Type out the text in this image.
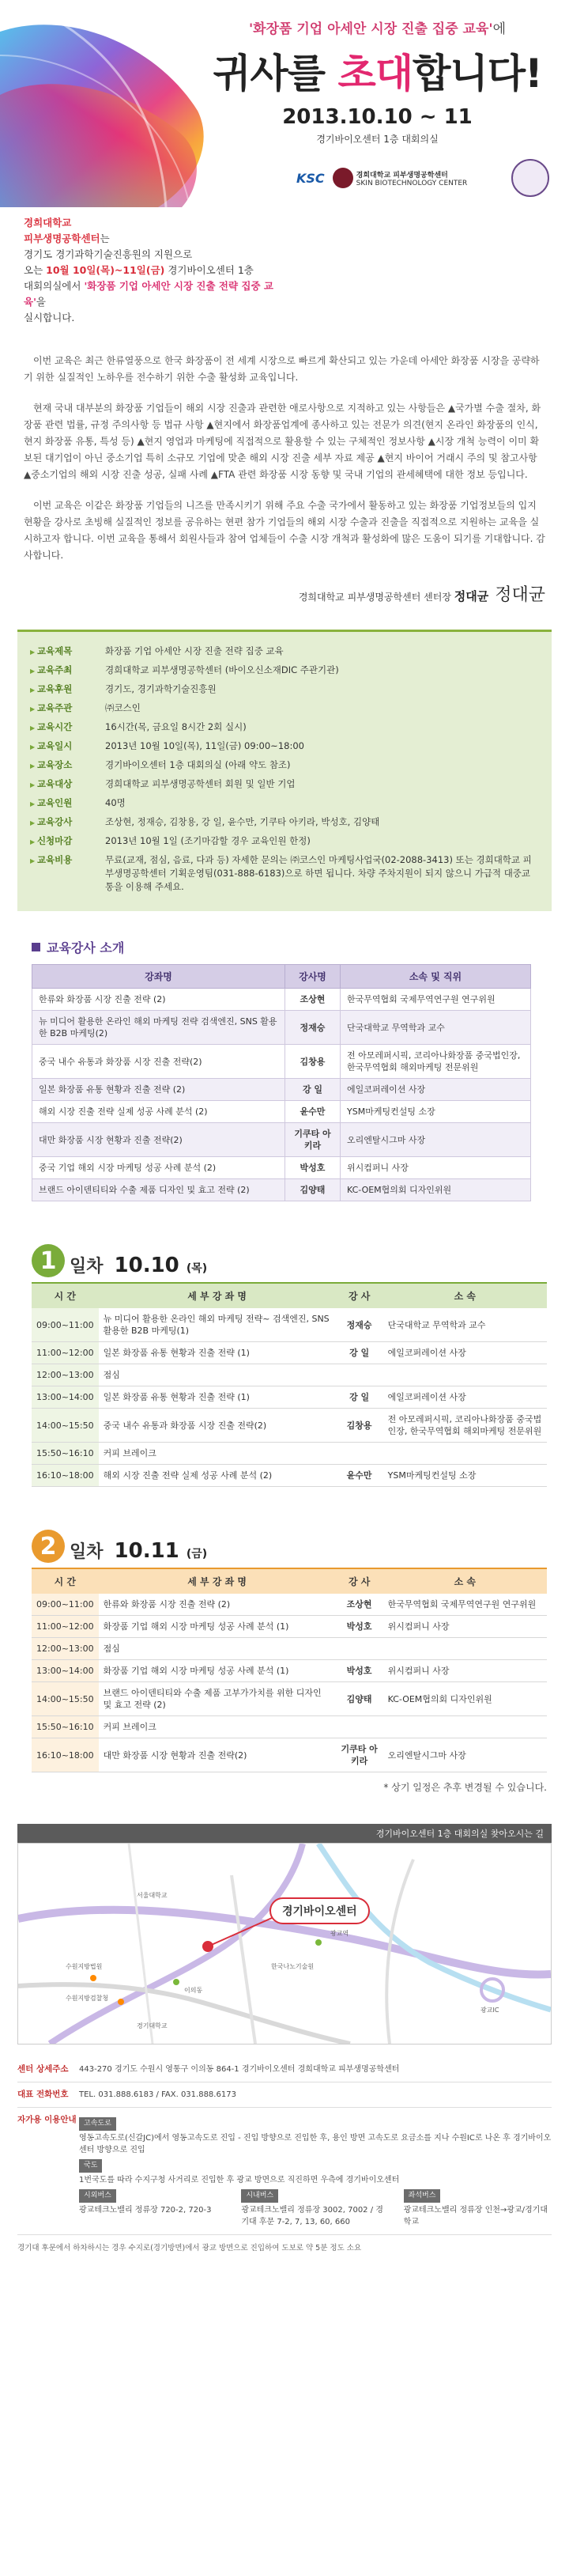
'화장품 기업 아세안 시장 진출 집중 교육'에
귀사를 초대합니다!
2013.10.10 ~ 11
경기바이오센터 1층 대회의실
KSC	경희대학교 피부생명공학센터
SKIN BIOTECHNOLOGY CENTER
경희대학교
피부생명공학센터는
경기도 경기과학기술진흥원의 지원으로
오는 10월 10일(목)~11일(금) 경기바이오센터 1층
대회의실에서 '화장품 기업 아세안 시장 진출 전략 집중 교육'을
실시합니다.

이번 교육은 최근 한류열풍으로 한국 화장품이 전 세계 시장으로 빠르게 확산되고 있는 가운데 아세안 화장품 시장을 공략하기 위한 실질적인 노하우를 전수하기 위한 수출 활성화 교육입니다.

현재 국내 대부분의 화장품 기업들이 해외 시장 진출과 관련한 애로사항으로 지적하고 있는 사항들은 ▲국가별 수출 절차, 화장품 관련 법률, 규정 주의사항 등 법규 사항 ▲현지에서 화장품업계에 종사하고 있는 전문가 의견(현지 온라인 화장품의 인식, 현지 화장품 유통, 특성 등) ▲현지 영업과 마케팅에 직접적으로 활용할 수 있는 구체적인 정보사항 ▲시장 개척 능력이 이미 확보된 대기업이 아닌 중소기업 특히 소규모 기업에 맞춘 해외 시장 진출 세부 자료 제공 ▲현지 바이어 거래시 주의 및 참고사항 ▲중소기업의 해외 시장 진출 성공, 실패 사례 ▲FTA 관련 화장품 시장 동향 및 국내 기업의 관세혜택에 대한 정보 등입니다.

이번 교육은 이같은 화장품 기업들의 니즈를 만족시키기 위해 주요 수출 국가에서 활동하고 있는 화장품 기업정보들의 입지현황을 강사로 초빙해 실질적인 정보를 공유하는 현편 참가 기업들의 해외 시장 수출과 진출을 직접적으로 지원하는 교육을 실시하고자 합니다. 이번 교육을 통해서 회원사들과 참여 업체들이 수출 시장 개척과 활성화에 많은 도움이 되기를 기대합니다. 감사합니다.

경희대학교 피부생명공학센터 센터장 정대균 정대균
▶ 교육제목	화장품 기업 아세안 시장 진출 전략 집중 교육
▶ 교육주최	경희대학교 피부생명공학센터 (바이오신소재DIC 주관기관)
▶ 교육후원	경기도, 경기과학기술진흥원
▶ 교육주관	㈜코스인
▶ 교육시간	16시간(목, 금요일 8시간 2회 실시)
▶ 교육일시	2013년 10월 10일(목), 11일(금) 09:00~18:00
▶ 교육장소	경기바이오센터 1층 대회의실 (아래 약도 참조)
▶ 교육대상	경희대학교 피부생명공학센터 회원 및 일반 기업
▶ 교육인원	40명
▶ 교육강사	조상현, 정재승, 김창용, 강 일, 윤수만, 기쿠타 아키라, 박성호, 김양태
▶ 신청마감	2013년 10월 1일 (조기마감할 경우 교육인원 한정)
▶ 교육비용	무료(교재, 점심, 음료, 다과 등) 자세한 문의는 ㈜코스인 마케팅사업국(02-2088-3413) 또는 경희대학교 피부생명공학센터 기획운영팀(031-888-6183)으로 하면 됩니다. 차량 주차지원이 되지 않으니 가급적 대중교통을 이용해 주세요.
교육강사 소개
강좌명	강사명	소속 및 직위
한류와 화장품 시장 진출 전략 (2)	조상현	한국무역협회 국제무역연구원 연구위원
뉴 미디어 활용한 온라인 해외 마케팅 전략 검색엔진, SNS 활용한 B2B 마케팅(2)	정재승	단국대학교 무역학과 교수
중국 내수 유통과 화장품 시장 진출 전략(2)	김창용	전 아모레퍼시픽, 코리아나화장품 중국법인장, 한국무역협회 해외마케팅 전문위원
일본 화장품 유통 현황과 진출 전략 (2)	강 일	에일코퍼레이션 사장
해외 시장 진출 전략 실제 성공 사례 분석 (2)	윤수만	YSM마케팅컨설팅 소장
대만 화장품 시장 현황과 진출 전략(2)	기쿠타 아키라	오리엔탈시그마 사장
중국 기업 해외 시장 마케팅 성공 사례 분석 (2)	박성호	위시컴퍼니 사장
브랜드 아이덴티티와 수출 제품 디자인 및 효고 전략 (2)	김양태	KC-OEM협의회 디자인위원
1 일차 10.10 (목)
시 간	세 부 강 좌 명	강 사	소 속
09:00~11:00	뉴 미디어 활용한 온라인 해외 마케팅 전략~ 검색엔진, SNS 활용한 B2B 마케팅(1)	정재승	단국대학교 무역학과 교수
11:00~12:00	일본 화장품 유통 현황과 진출 전략 (1)	강 일	에일코퍼레이션 사장
12:00~13:00	점심		
13:00~14:00	일본 화장품 유통 현황과 진출 전략 (1)	강 일	에일코퍼레이션 사장
14:00~15:50	중국 내수 유통과 화장품 시장 진출 전략(2)	김창용	전 아모레퍼시픽, 코리아나화장품 중국법인장, 한국무역협회 해외마케팅 전문위원
15:50~16:10	커피 브레이크		
16:10~18:00	해외 시장 진출 전략 실제 성공 사례 분석 (2)	윤수만	YSM마케팅컨설팅 소장
2 일차 10.11 (금)
시 간	세 부 강 좌 명	강 사	소 속
09:00~11:00	한류와 화장품 시장 진출 전략 (2)	조상현	한국무역협회 국제무역연구원 연구위원
11:00~12:00	화장품 기업 해외 시장 마케팅 성공 사례 분석 (1)	박성호	위시컴퍼니 사장
12:00~13:00	점심		
13:00~14:00	화장품 기업 해외 시장 마케팅 성공 사례 분석 (1)	박성호	위시컴퍼니 사장
14:00~15:50	브랜드 아이덴티티와 수출 제품 고부가가치를 위한 디자인 및 효고 전략 (2)	김양태	KC-OEM협의회 디자인위원
15:50~16:10	커피 브레이크		
16:10~18:00	대만 화장품 시장 현황과 진출 전략(2)	기쿠타 아키라	오리엔탈시그마 사장
* 상기 일정은 추후 변경될 수 있습니다.
경기바이오센터 1층 대회의실 찾아오시는 길
경기바이오센터
광교역
서울대학교
수원지방법원
수원지방검찰청
이의동
광교IC
한국나노기술원
경기대학교
센터 상세주소	443-270 경기도 수원시 영통구 이의동 864-1 경기바이오센터 경희대학교 피부생명공학센터
대표 전화번호	TEL. 031.888.6183 / FAX. 031.888.6173
자가용 이용안내	고속도로
영동고속도로(신갈JC)에서 영동고속도로 진입 - 진입 방향으로 진입한 후, 용인 방면 고속도로 요금소를 지나 수원IC로 나온 후 경기바이오센터 방향으로 진입
국도
1번국도를 따라 수지구청 사거리로 진입한 후 광교 방면으로 직진하면 우측에 경기바이오센터
시외버스
광교테크노밸리 정류장 720-2, 720-3
시내버스
광교테크노밸리 정류장 3002, 7002 / 경기대 후문 7-2, 7, 13, 60, 660
좌석버스
광교테크노밸리 정류장 인천→광교/경기대학교
경기대 후문에서 하차하시는 경우 수지로(경기방면)에서 광교 방면으로 진입하여 도보로 약 5분 정도 소요
